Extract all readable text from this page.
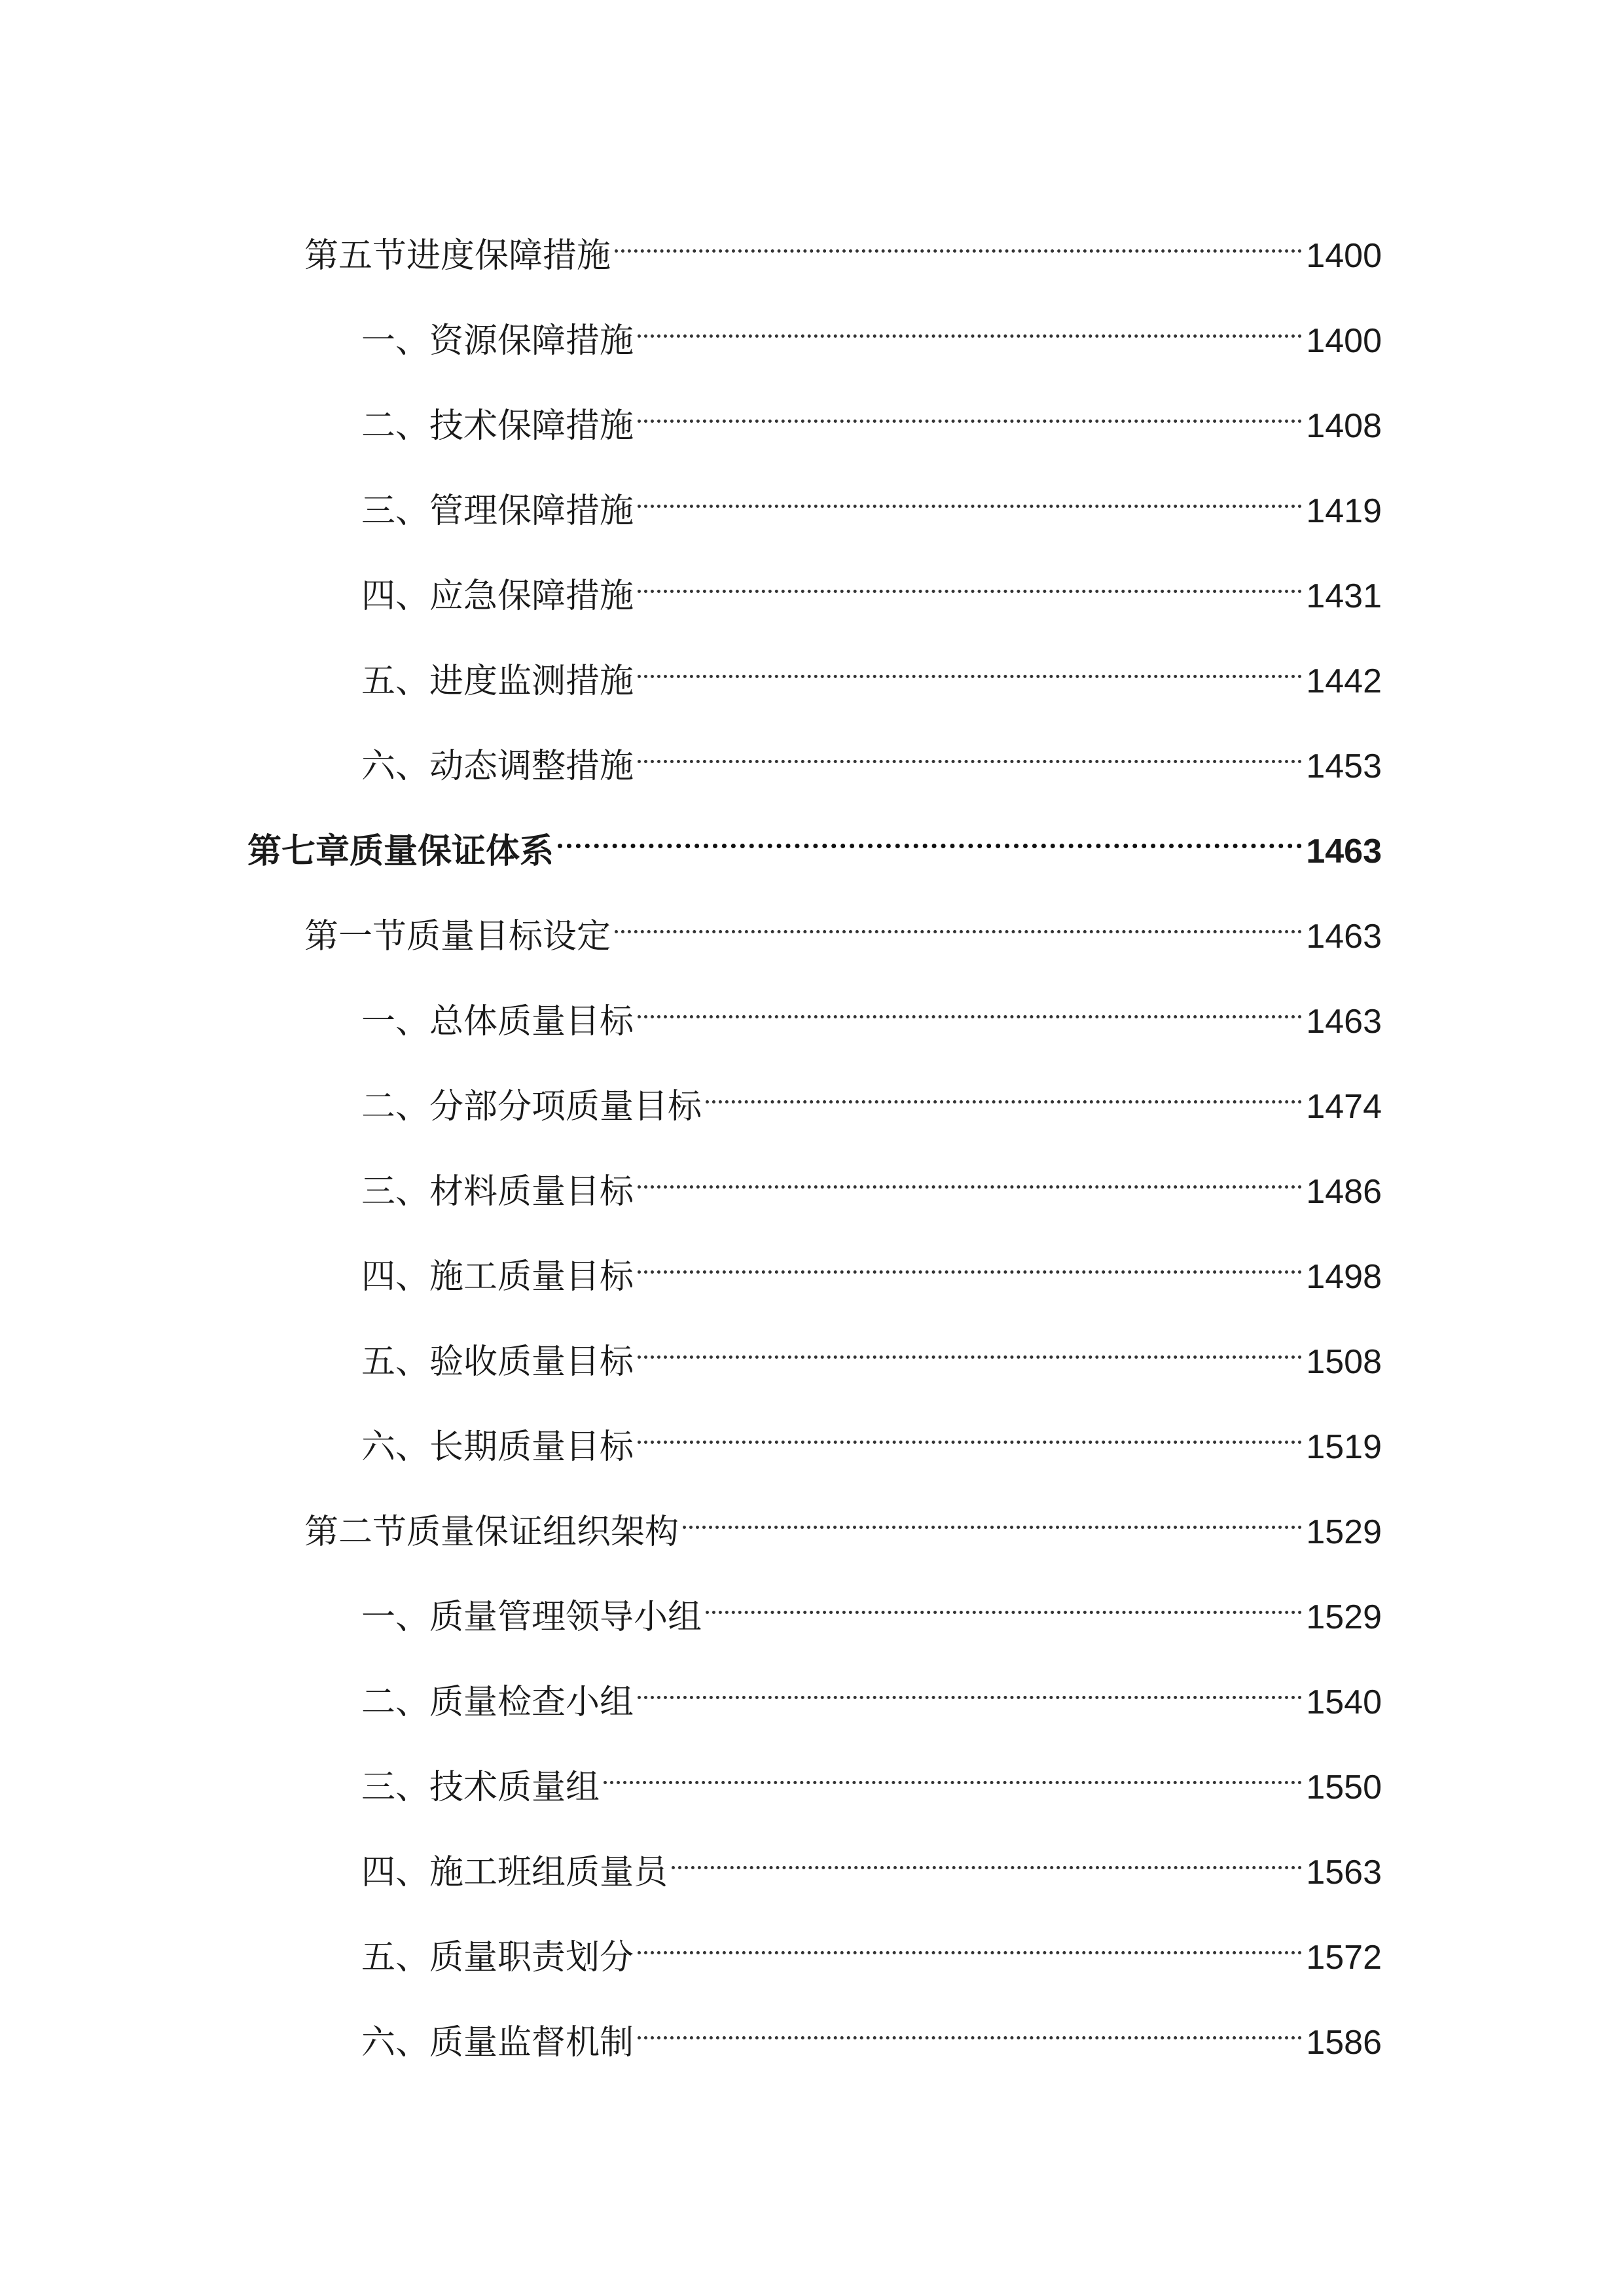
第五节进度保障措施	1400
一、资源保障措施	1400
二、技术保障措施	1408
三、管理保障措施	1419
四、应急保障措施	1431
五、进度监测措施	1442
六、动态调整措施	1453
第七章质量保证体系	1463
第一节质量目标设定	1463
一、总体质量目标	1463
二、分部分项质量目标	1474
三、材料质量目标	1486
四、施工质量目标	1498
五、验收质量目标	1508
六、长期质量目标	1519
第二节质量保证组织架构	1529
一、质量管理领导小组	1529
二、质量检查小组	1540
三、技术质量组	1550
四、施工班组质量员	1563
五、质量职责划分	1572
六、质量监督机制	1586
